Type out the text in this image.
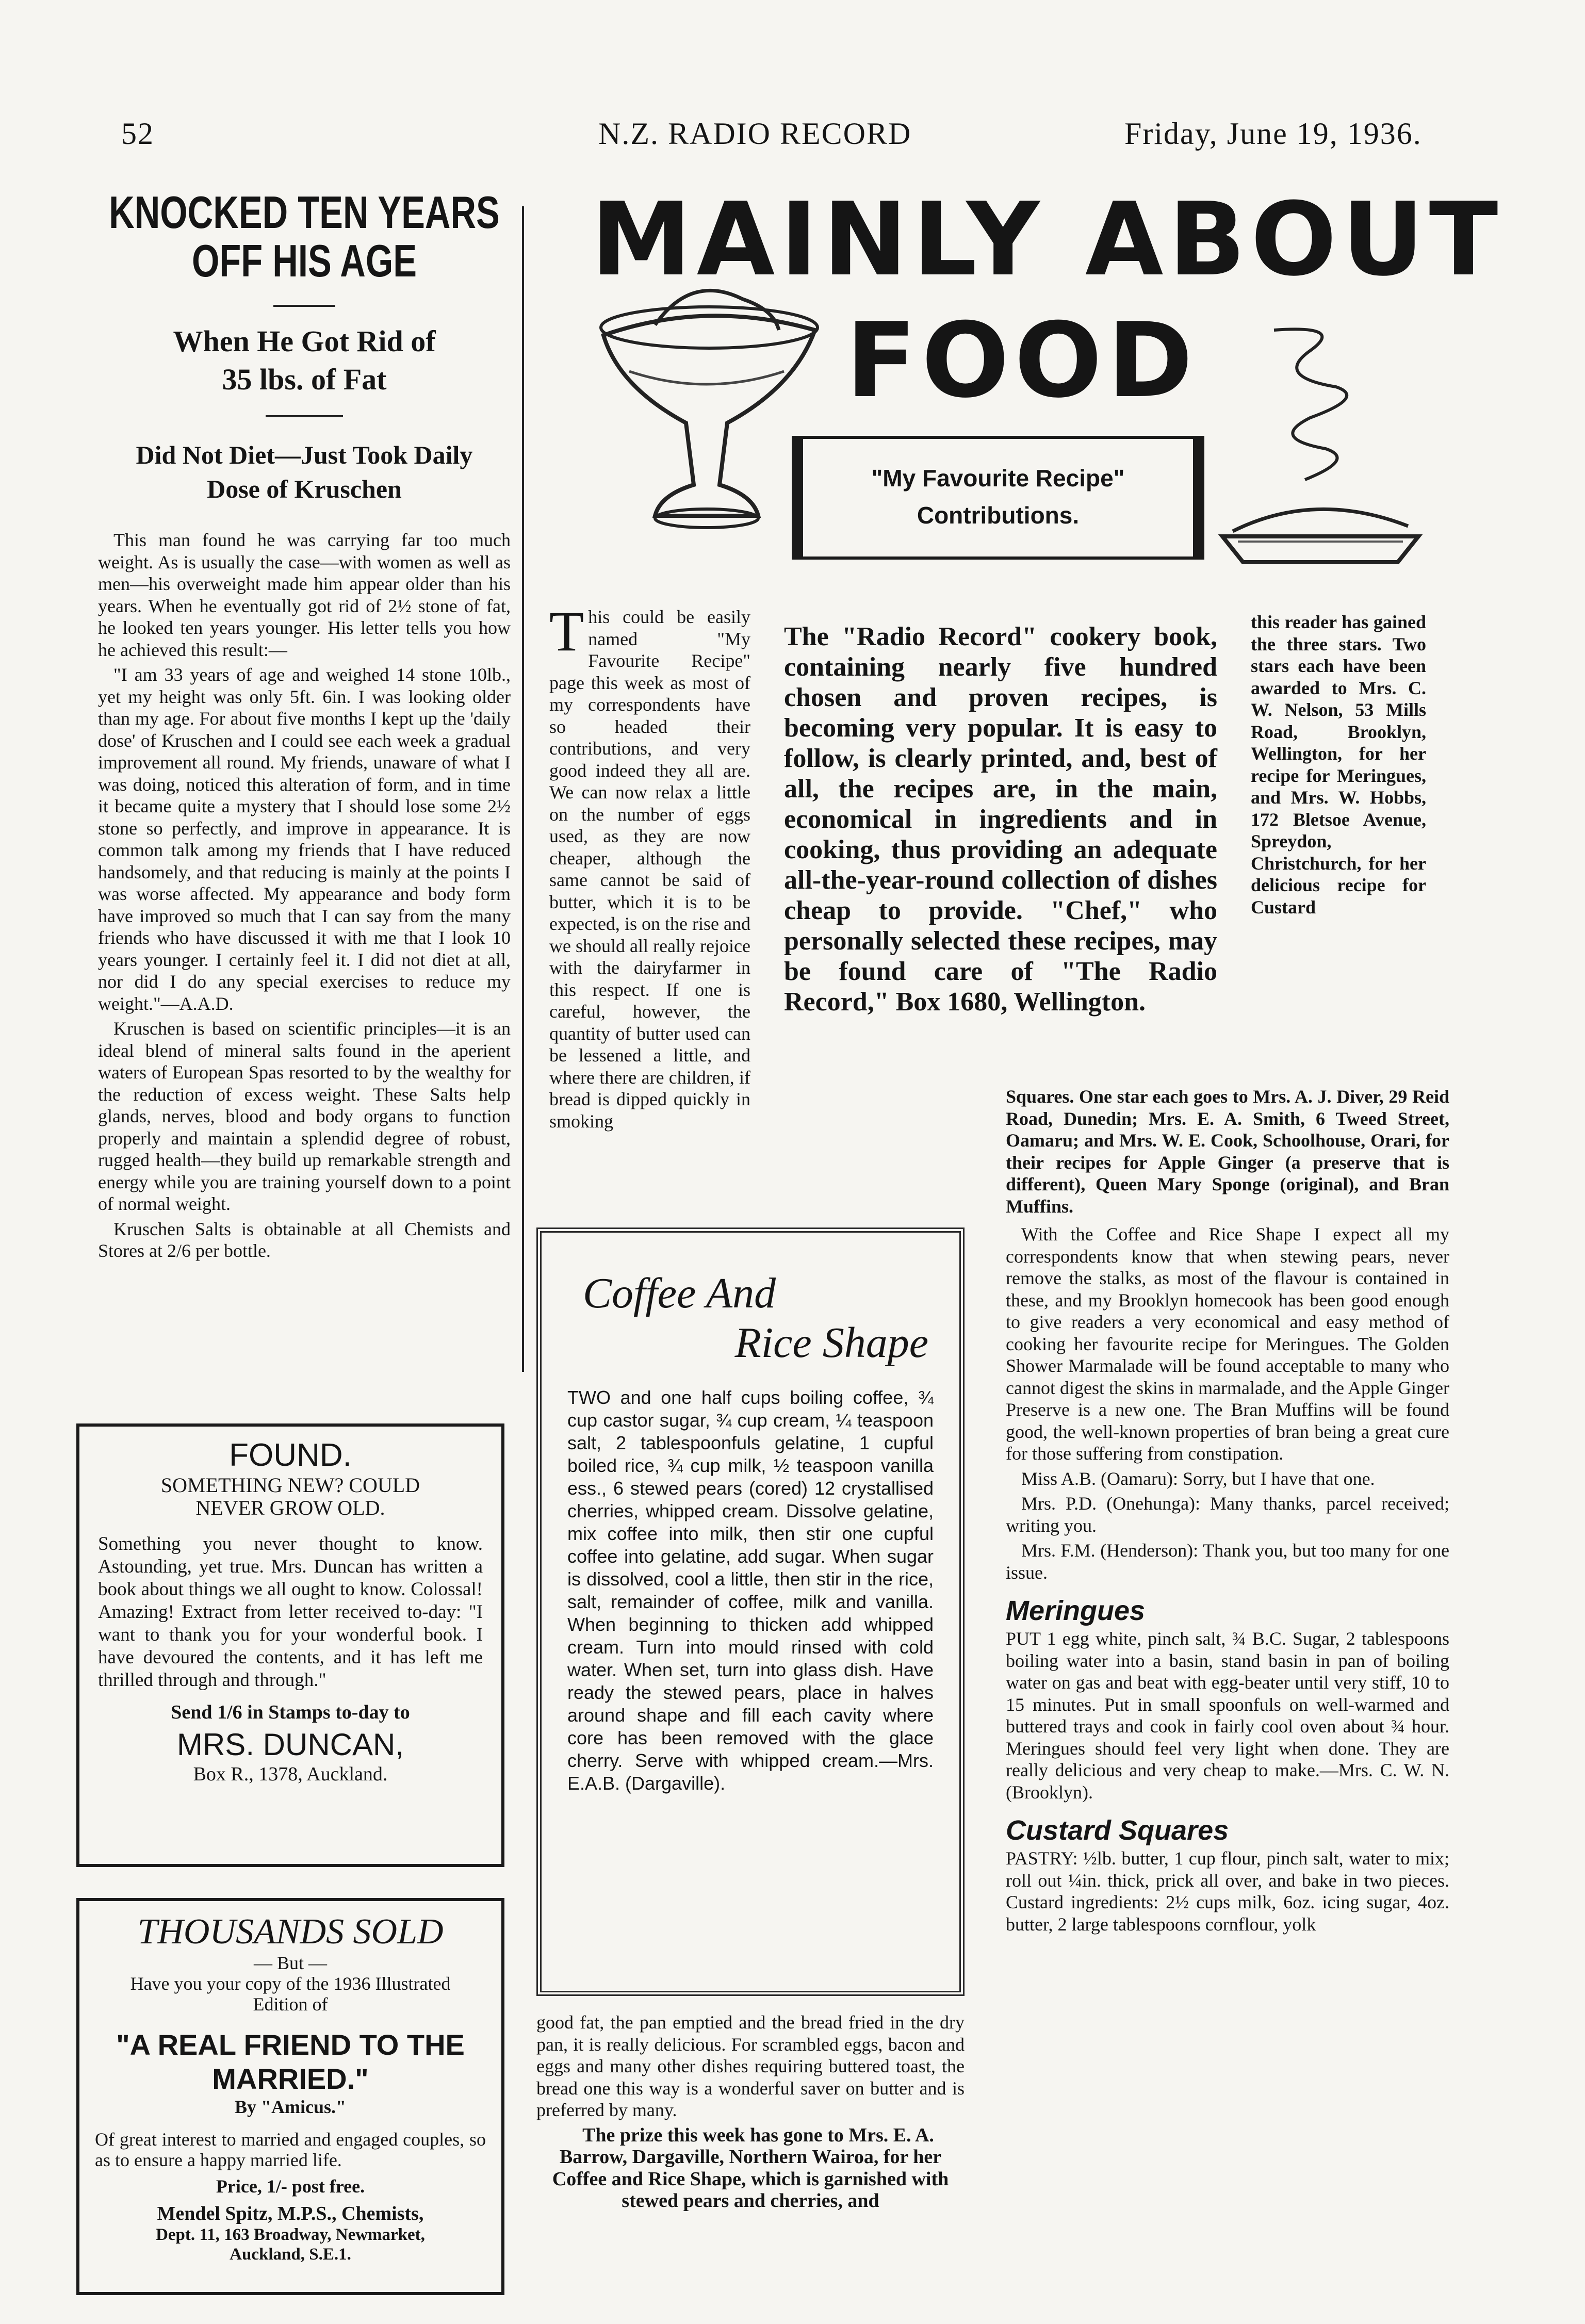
52	N.Z. RADIO RECORD	Friday, June 19, 1936.
KNOCKED TEN YEARS OFF HIS AGE
When He Got Rid of 35 lbs. of Fat
Did Not Diet—Just Took Daily Dose of Kruschen

This man found he was carrying far too much weight. As is usually the case—with women as well as men—his overweight made him appear older than his years. When he eventually got rid of 2½ stone of fat, he looked ten years younger. His letter tells you how he achieved this result:—

"I am 33 years of age and weighed 14 stone 10lb., yet my height was only 5ft. 6in. I was looking older than my age. For about five months I kept up the 'daily dose' of Kruschen and I could see each week a gradual improvement all round. My friends, unaware of what I was doing, noticed this alteration of form, and in time it became quite a mystery that I should lose some 2½ stone so perfectly, and improve in appearance. It is common talk among my friends that I have reduced handsomely, and that reducing is mainly at the points I was worse affected. My appearance and body form have improved so much that I can say from the many friends who have discussed it with me that I look 10 years younger. I certainly feel it. I did not diet at all, nor did I do any special exercises to reduce my weight."—A.A.D.

Kruschen is based on scientific principles—it is an ideal blend of mineral salts found in the aperient waters of European Spas resorted to by the wealthy for the reduction of excess weight. These Salts help glands, nerves, blood and body organs to function properly and maintain a splendid degree of robust, rugged health—they build up remarkable strength and energy while you are training yourself down to a point of normal weight.

Kruschen Salts is obtainable at all Chemists and Stores at 2/6 per bottle.

FOUND.
SOMETHING NEW? COULD NEVER GROW OLD.
Something you never thought to know. Astounding, yet true. Mrs. Duncan has written a book about things we all ought to know. Colossal! Amazing! Extract from letter received to-day: "I want to thank you for your wonderful book. I have devoured the contents, and it has left me thrilled through and through."
Send 1/6 in Stamps to-day to
MRS. DUNCAN,
Box R., 1378, Auckland.
THOUSANDS SOLD
— But —
Have you your copy of the 1936 Illustrated Edition of
"A REAL FRIEND TO THE MARRIED."
By "Amicus."
Of great interest to married and engaged couples, so as to ensure a happy married life.
Price, 1/- post free.
Mendel Spitz, M.P.S., Chemists,
Dept. 11, 163 Broadway, Newmarket, Auckland, S.E.1.
MAINLY ABOUT
FOOD
"My Favourite Recipe" Contributions.

This could be easily named "My Favourite Recipe" page this week as most of my correspondents have so headed their contributions, and very good indeed they all are. We can now relax a little on the number of eggs used, as they are now cheaper, although the same cannot be said of butter, which it is to be expected, is on the rise and we should all really rejoice with the dairyfarmer in this respect. If one is careful, however, the quantity of butter used can be lessened a little, and where there are children, if bread is dipped quickly in smoking

The "Radio Record" cookery book, containing nearly five hundred chosen and proven recipes, is becoming very popular. It is easy to follow, is clearly printed, and, best of all, the recipes are, in the main, economical in ingredients and in cooking, thus providing an adequate all-the-year-round collection of dishes cheap to provide. "Chef," who personally selected these recipes, may be found care of "The Radio Record," Box 1680, Wellington.
this reader has gained the three stars. Two stars each have been awarded to Mrs. C. W. Nelson, 53 Mills Road, Brooklyn, Wellington, for her recipe for Meringues, and Mrs. W. Hobbs, 172 Bletsoe Avenue, Spreydon, Christchurch, for her delicious recipe for Custard
Coffee And
Rice Shape
TWO and one half cups boiling coffee, ¾ cup castor sugar, ¾ cup cream, ¼ teaspoon salt, 2 tablespoonfuls gelatine, 1 cupful boiled rice, ¾ cup milk, ½ teaspoon vanilla ess., 6 stewed pears (cored) 12 crystallised cherries, whipped cream. Dissolve gelatine, mix coffee into milk, then stir one cupful coffee into gelatine, add sugar. When sugar is dissolved, cool a little, then stir in the rice, salt, remainder of coffee, milk and vanilla. When beginning to thicken add whipped cream. Turn into mould rinsed with cold water. When set, turn into glass dish. Have ready the stewed pears, place in halves around shape and fill each cavity where core has been removed with the glace cherry. Serve with whipped cream.—Mrs. E.A.B. (Dargaville).

good fat, the pan emptied and the bread fried in the dry pan, it is really delicious. For scrambled eggs, bacon and eggs and many other dishes requiring buttered toast, the bread one this way is a wonderful saver on butter and is preferred by many.

The prize this week has gone to Mrs. E. A. Barrow, Dargaville, Northern Wairoa, for her Coffee and Rice Shape, which is garnished with stewed pears and cherries, and

Squares. One star each goes to Mrs. A. J. Diver, 29 Reid Road, Dunedin; Mrs. E. A. Smith, 6 Tweed Street, Oamaru; and Mrs. W. E. Cook, Schoolhouse, Orari, for their recipes for Apple Ginger (a preserve that is different), Queen Mary Sponge (original), and Bran Muffins.

With the Coffee and Rice Shape I expect all my correspondents know that when stewing pears, never remove the stalks, as most of the flavour is contained in these, and my Brooklyn homecook has been good enough to give readers a very economical and easy method of cooking her favourite recipe for Meringues. The Golden Shower Marmalade will be found acceptable to many who cannot digest the skins in marmalade, and the Apple Ginger Preserve is a new one. The Bran Muffins will be found good, the well-known properties of bran being a great cure for those suffering from constipation.

Miss A.B. (Oamaru): Sorry, but I have that one.

Mrs. P.D. (Onehunga): Many thanks, parcel received; writing you.

Mrs. F.M. (Henderson): Thank you, but too many for one issue.

Meringues

PUT 1 egg white, pinch salt, ¾ B.C. Sugar, 2 tablespoons boiling water into a basin, stand basin in pan of boiling water on gas and beat with egg-beater until very stiff, 10 to 15 minutes. Put in small spoonfuls on well-warmed and buttered trays and cook in fairly cool oven about ¾ hour. Meringues should feel very light when done. They are really delicious and very cheap to make.—Mrs. C. W. N. (Brooklyn).

Custard Squares

PASTRY: ½lb. butter, 1 cup flour, pinch salt, water to mix; roll out ¼in. thick, prick all over, and bake in two pieces. Custard ingredients: 2½ cups milk, 6oz. icing sugar, 4oz. butter, 2 large tablespoons cornflour, yolk
